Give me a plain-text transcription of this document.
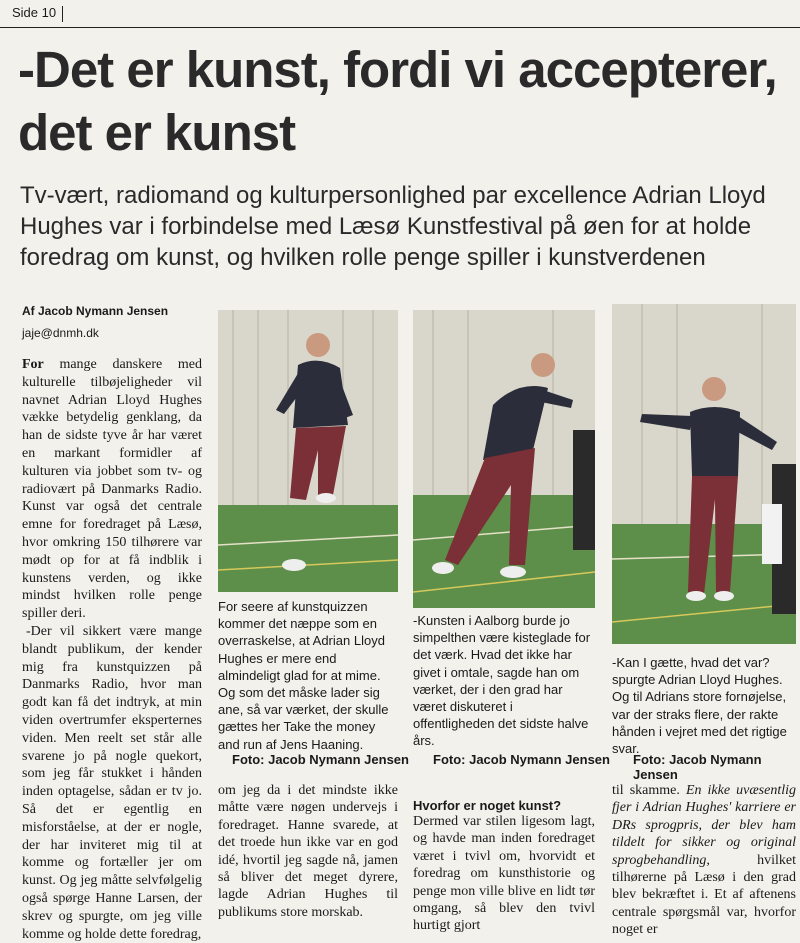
Side 10
-Det er kunst, fordi vi accepterer, det er kunst
Tv-vært, radiomand og kulturpersonlighed par excellence Adrian Lloyd Hughes var i forbindelse med Læsø Kunstfestival på øen for at holde foredrag om kunst, og hvilken rolle penge spiller i kunstverdenen
Af Jacob Nymann Jensen
jaje@dnmh.dk

For mange danskere med kulturelle tilbøjeligheder vil navnet Adrian Lloyd Hughes vække betydelig genklang, da han de sidste tyve år har været en markant formidler af kulturen via jobbet som tv- og radiovært på Danmarks Radio. Kunst var også det centrale emne for foredraget på Læsø, hvor omkring 150 tilhørere var mødt op for at få indblik i kunstens verden, og ikke mindst hvilken rolle penge spiller deri.

-Der vil sikkert være mange blandt publikum, der kender mig fra kunstquizzen på Danmarks Radio, hvor man godt kan få det indtryk, at min viden overtrumfer eksperternes viden. Men reelt set står alle svarene jo på nogle quekort, som jeg får stukket i hånden inden optagelse, sådan er tv jo. Så det er egentlig en misforståelse, at der er nogle, der har inviteret mig til at komme og fortæller jer om kunst. Og jeg måtte selvfølgelig også spørge Hanne Larsen, der skrev og spurgte, om jeg ville komme og holde dette foredrag,

For seere af kunstquizzen kommer det næppe som en overraskelse, at Adrian Lloyd Hughes er mere end almindeligt glad for at mime. Og som det måske lader sig ane, så var værket, der skulle gættes her Take the money and run af Jens Haaning.
Foto: Jacob Nymann Jensen
-Kunsten i Aalborg burde jo simpelthen være kisteglade for det værk. Hvad det ikke har givet i omtale, sagde han om værket, der i den grad har været diskuteret i offentligheden det sidste halve års.
Foto: Jacob Nymann Jensen
-Kan I gætte, hvad det var? spurgte Adrian Lloyd Hughes. Og til Adrians store fornøjelse, var der straks flere, der rakte hånden i vejret med det rigtige svar.
Foto: Jacob Nymann Jensen
om jeg da i det mindste ikke måtte være nøgen undervejs i foredraget. Hanne svarede, at det troede hun ikke var en god idé, hvortil jeg sagde nå, jamen så bliver det meget dyrere, lagde Adrian Hughes til publikums store morskab.
Hvorfor er noget kunst?
Dermed var stilen ligesom lagt, og havde man inden foredraget været i tvivl om, hvorvidt et foredrag om kunsthistorie og penge mon ville blive en lidt tør omgang, så blev den tvivl hurtigt gjort
til skamme. En ikke uvæsentlig fjer i Adrian Hughes' karriere er DRs sprogpris, der blev ham tildelt for sikker og original sprogbehandling,	hvilket tilhørerne på Læsø i den grad blev bekræftet i. Et af aftenens centrale spørgsmål var, hvorfor noget er
